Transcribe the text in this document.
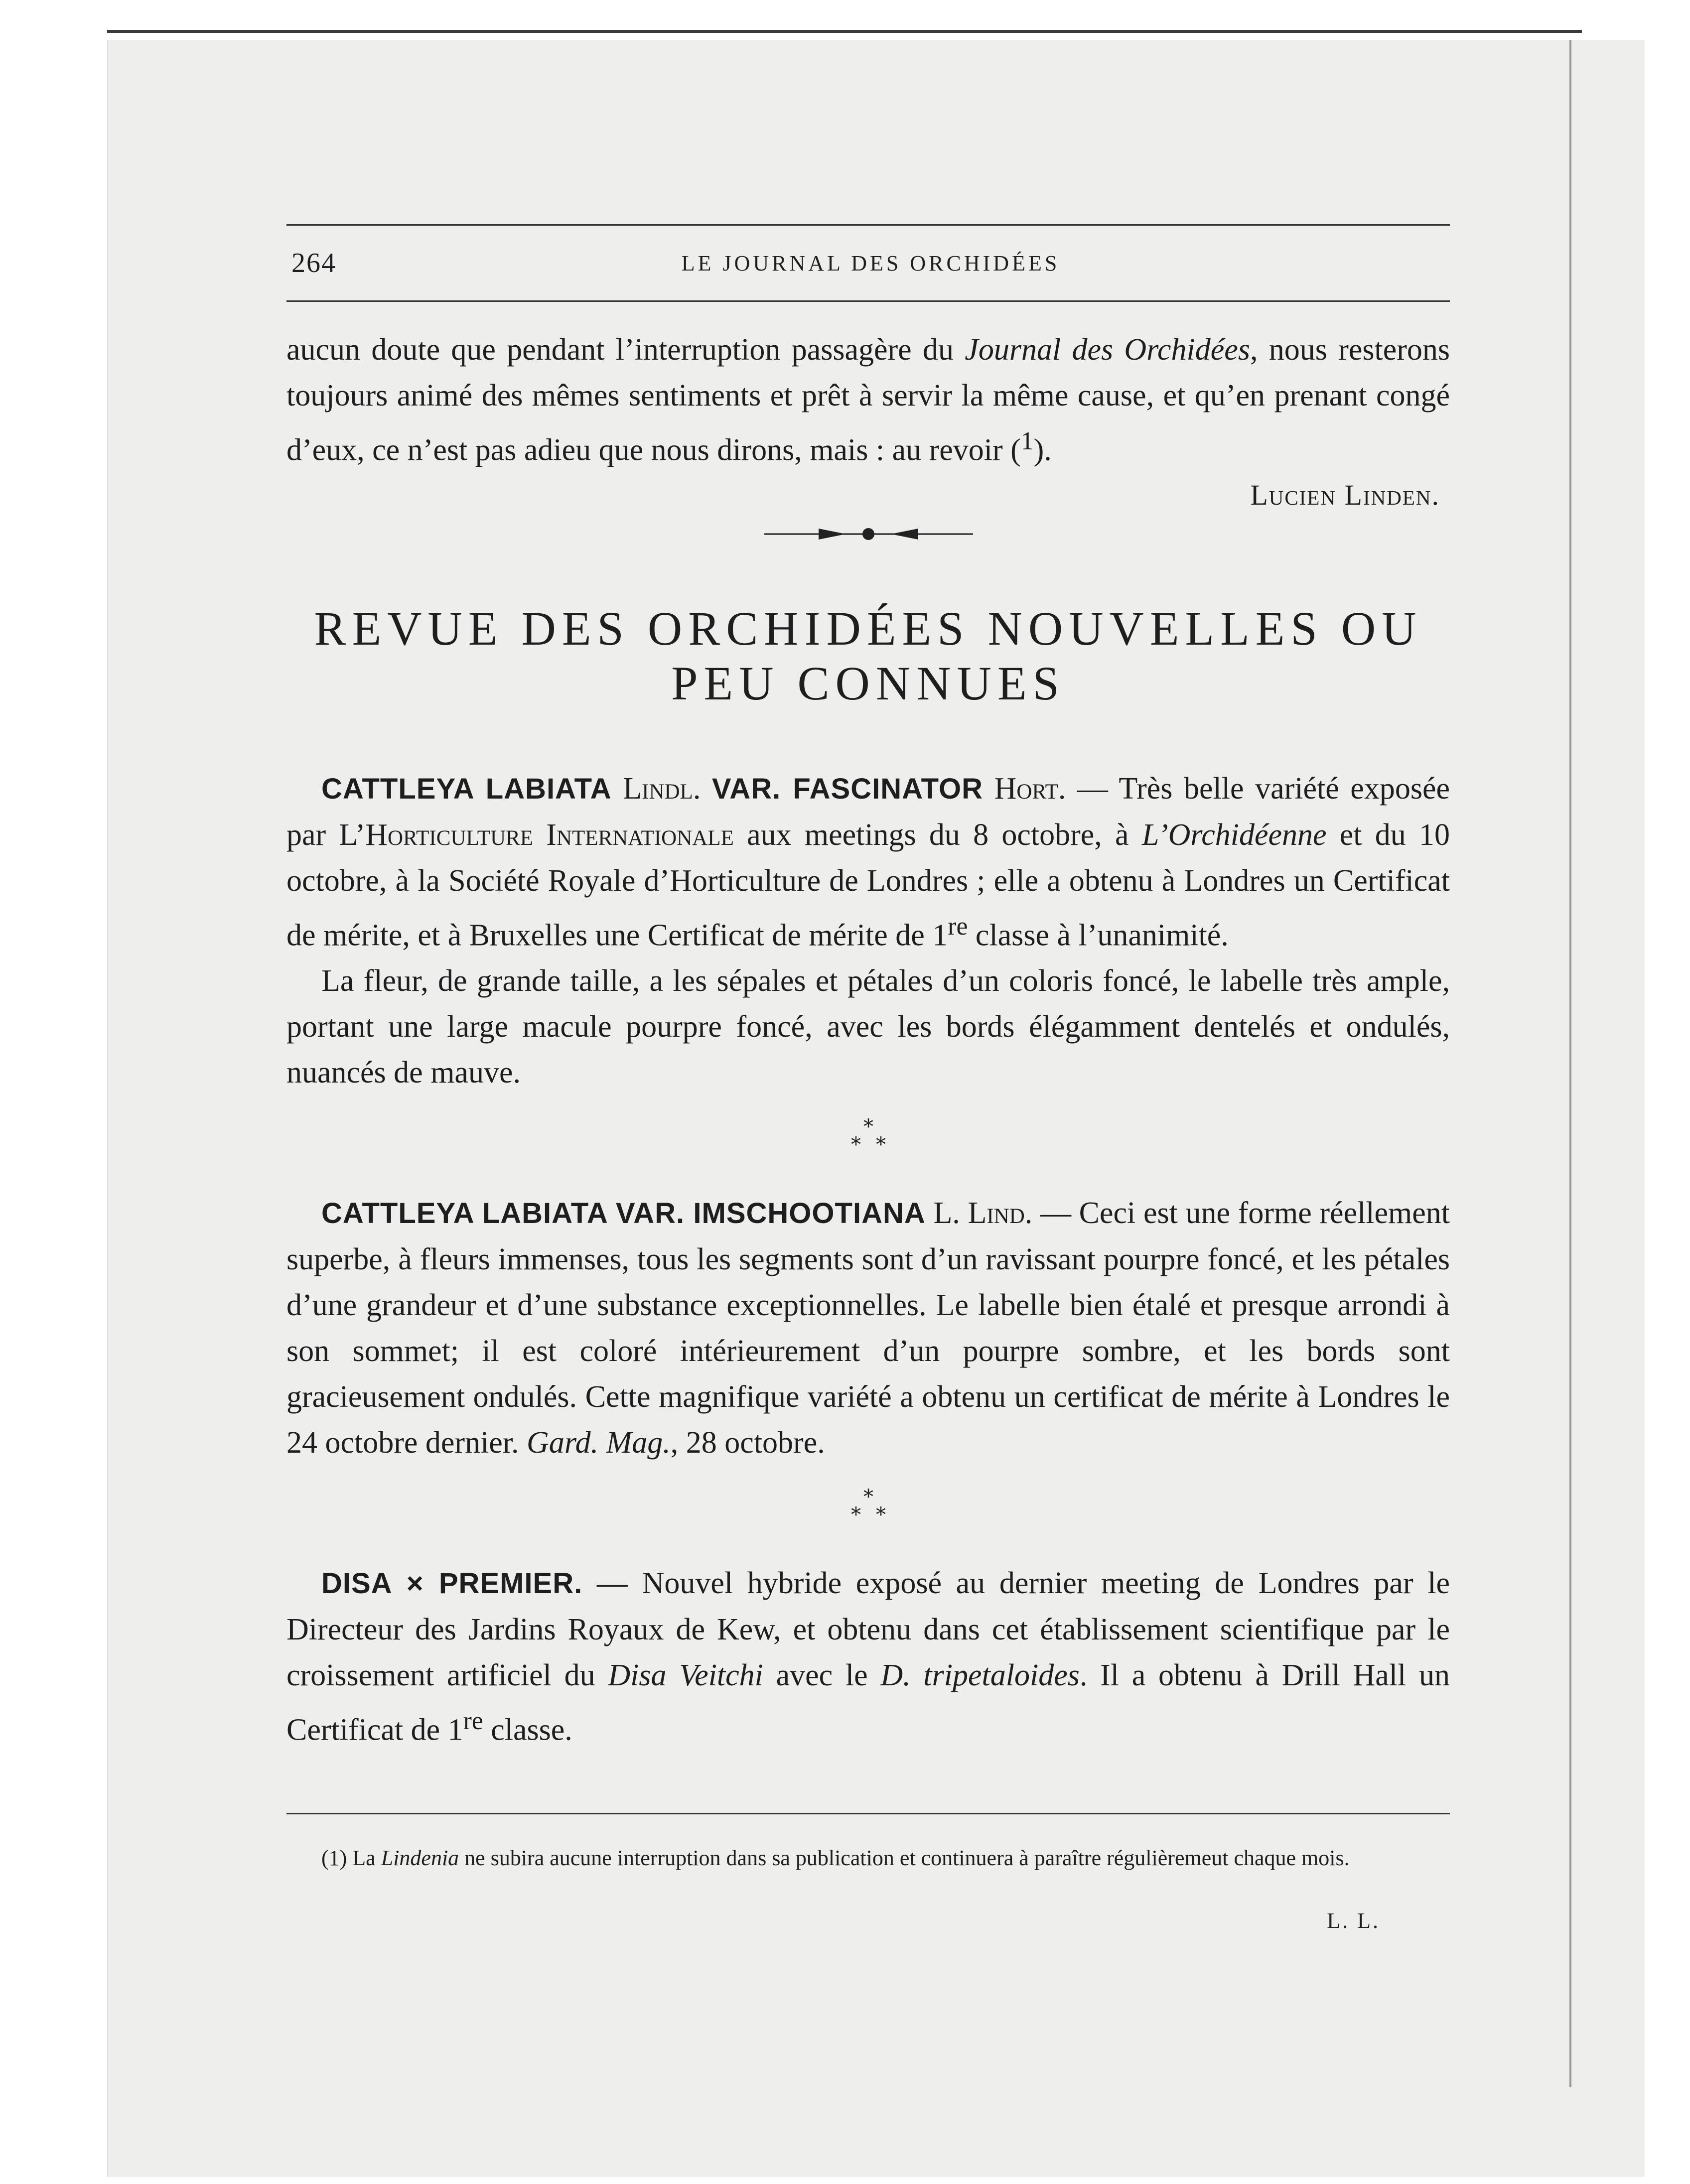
264	LE JOURNAL DES ORCHIDÉES

aucun doute que pendant l’interruption passagère du Journal des Orchidées, nous resterons toujours animé des mêmes sentiments et prêt à servir la même cause, et qu’en prenant congé d’eux, ce n’est pas adieu que nous dirons, mais : au revoir ($^1$).

Lucien Linden.

REVUE DES ORCHIDÉES NOUVELLES OU
PEU CONNUES

CATTLEYA LABIATA Lindl. VAR. FASCINATOR Hort. — Très belle variété exposée par L’Horticulture Internationale aux meetings du 8 octobre, à L’Orchidéenne et du 10 octobre, à la Société Royale d’Horticulture de Londres ; elle a obtenu à Londres un Certificat de mérite, et à Bruxelles une Certificat de mérite de 1re classe à l’unanimité.

La fleur, de grande taille, a les sépales et pétales d’un coloris foncé, le labelle très ample, portant une large macule pourpre foncé, avec les bords élégamment dentelés et ondulés, nuancés de mauve.

*
* *

CATTLEYA LABIATA VAR. IMSCHOOTIANA L. Lind. — Ceci est une forme réellement superbe, à fleurs immenses, tous les segments sont d’un ravissant pourpre foncé, et les pétales d’une grandeur et d’une substance exceptionnelles. Le labelle bien étalé et presque arrondi à son sommet; il est coloré intérieurement d’un pourpre sombre, et les bords sont gracieusement ondulés. Cette magnifique variété a obtenu un certificat de mérite à Londres le 24 octobre dernier. Gard. Mag., 28 octobre.

*
* *

DISA × PREMIER. — Nouvel hybride exposé au dernier meeting de Londres par le Directeur des Jardins Royaux de Kew, et obtenu dans cet établissement scientifique par le croissement artificiel du Disa Veitchi avec le D. tripetaloides. Il a obtenu à Drill Hall un Certificat de 1re classe.

(1) La Lindenia ne subira aucune interruption dans sa publication et continuera à paraître régulièremeut chaque mois.

L. L.
